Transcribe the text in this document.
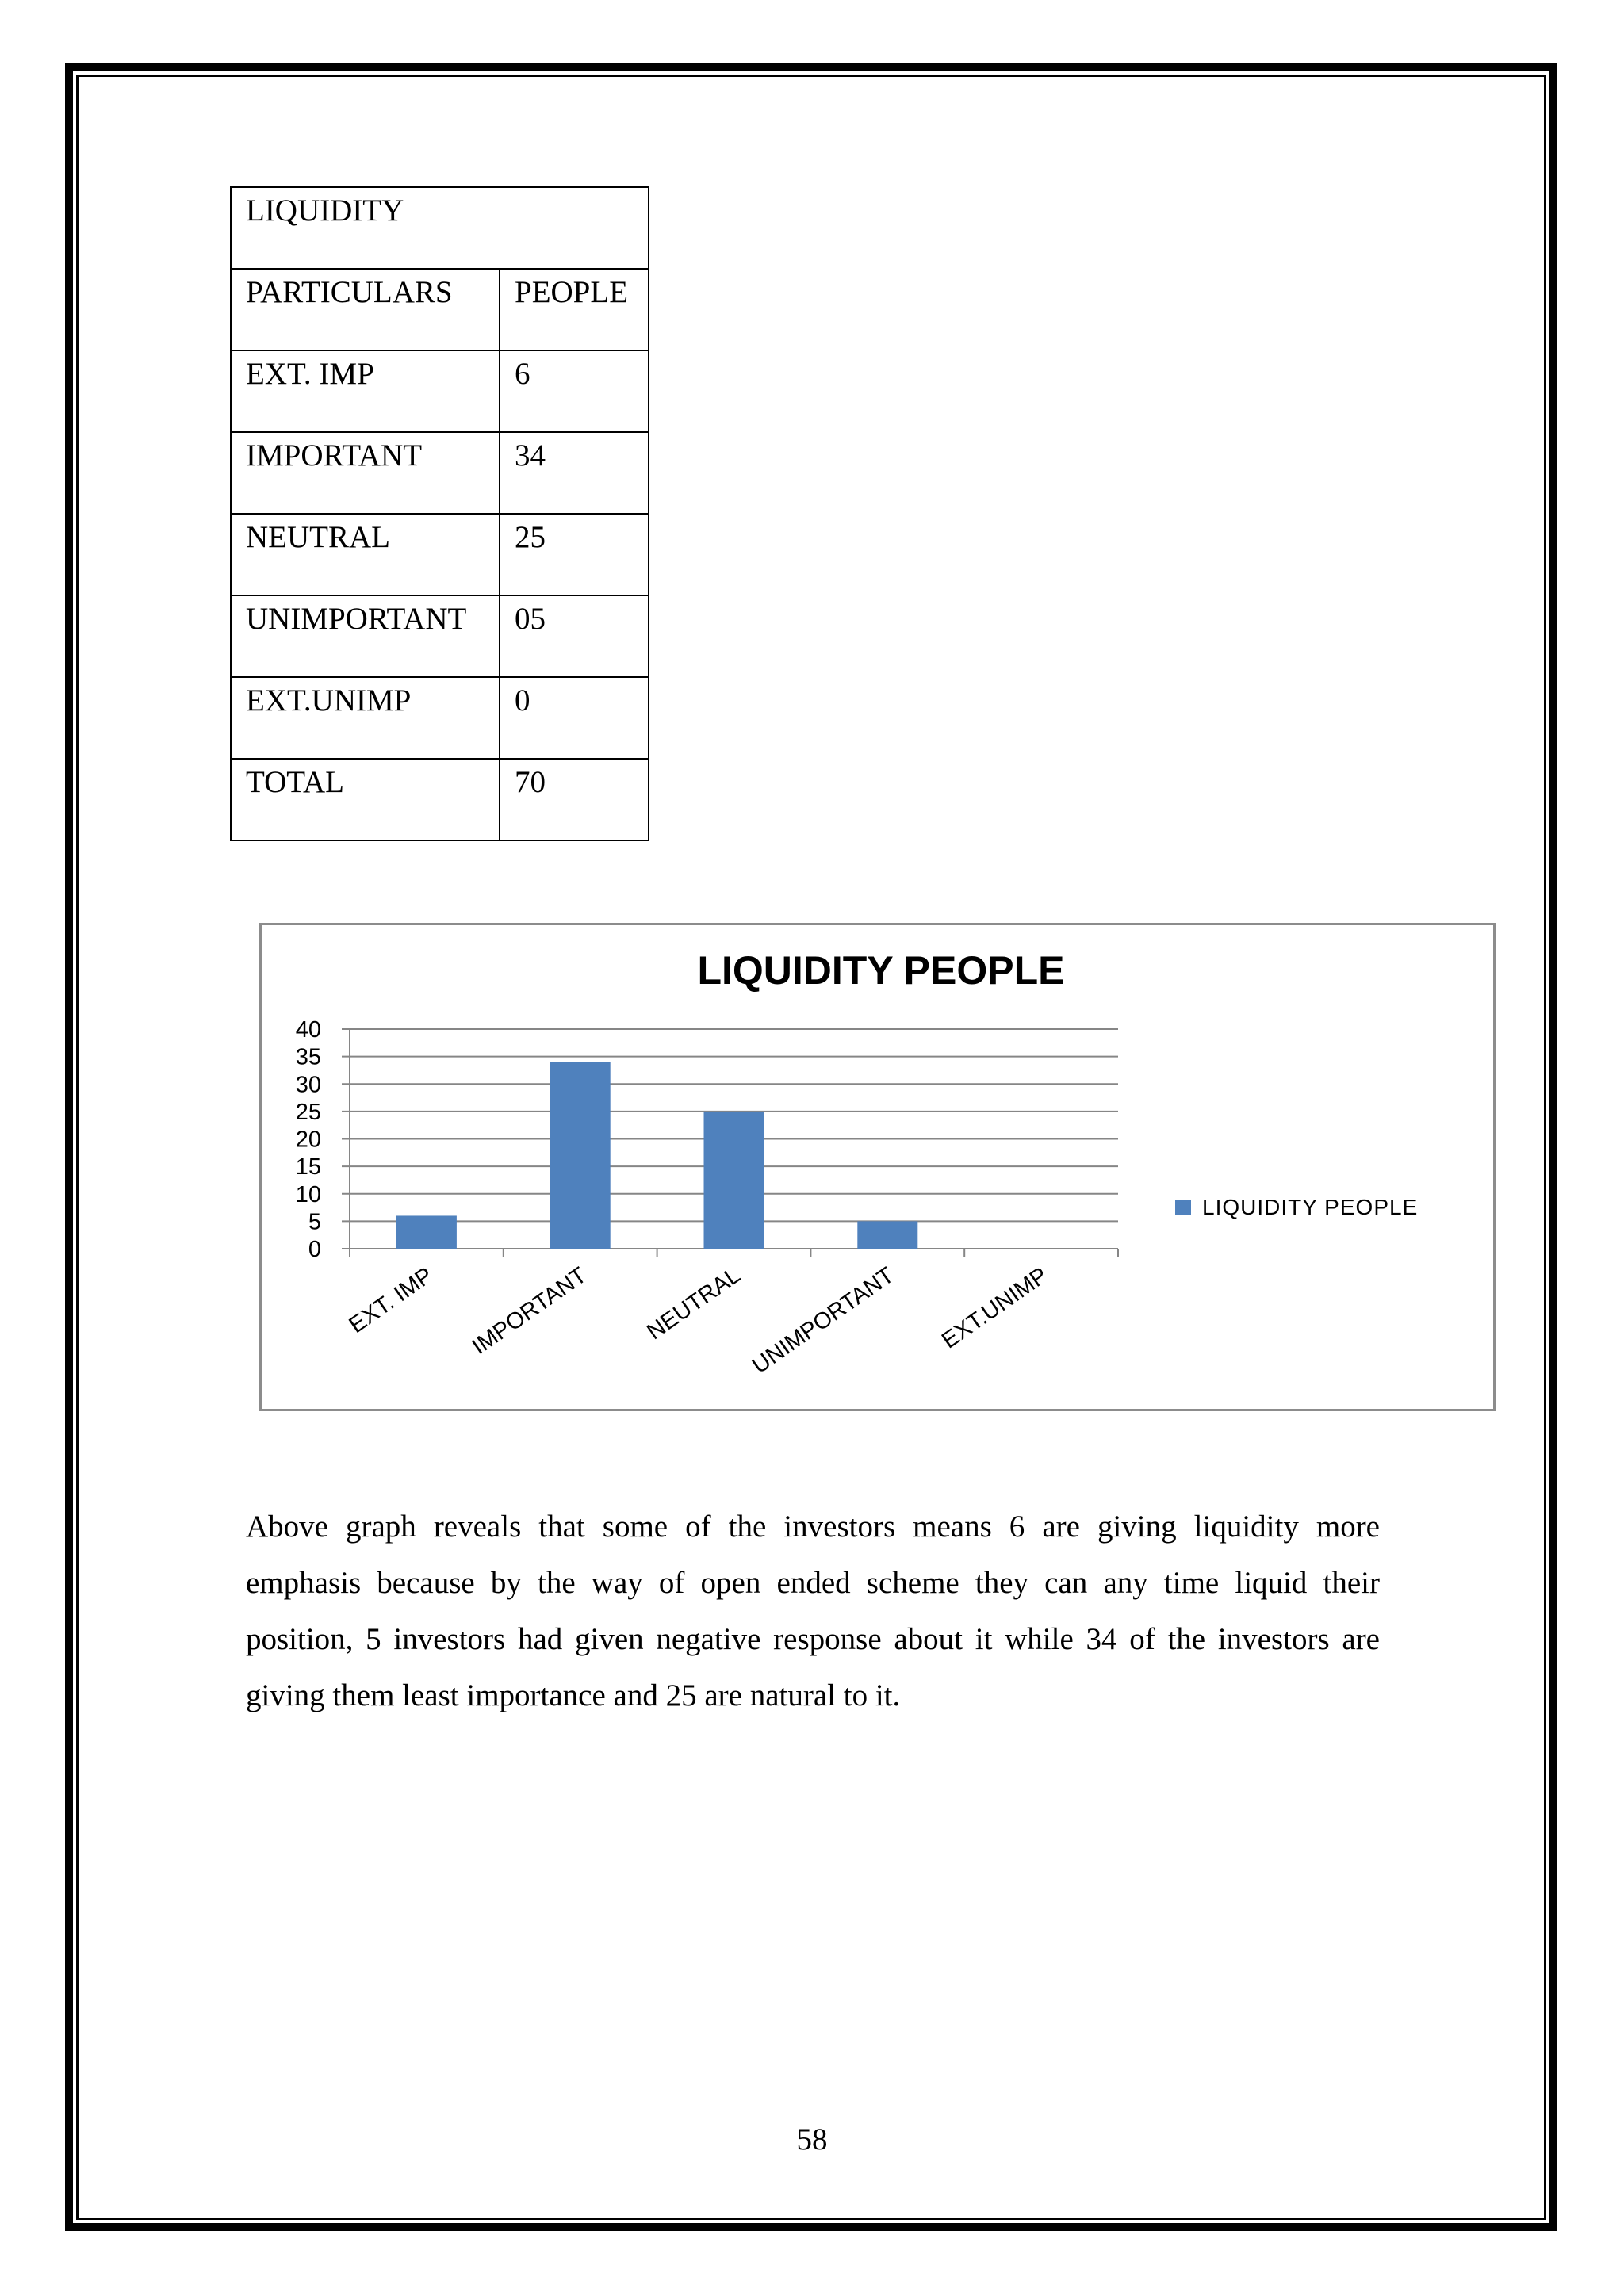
LIQUIDITY	
PARTICULARS	PEOPLE
EXT. IMP	6
IMPORTANT	34
NEUTRAL	25
UNIMPORTANT	05
EXT.UNIMP	0
TOTAL	70
LIQUIDITY PEOPLE
0
5
10
15
20
25
30
35
40
EXT. IMP IMPORTANT NEUTRAL UNIMPORTANT EXT.UNIMP
LIQUIDITY PEOPLE
Above graph reveals that some of the investors means 6 are giving liquidity more
emphasis because by the way of open ended scheme they can any time liquid their
position, 5 investors had given negative response about it while 34 of the investors are
giving them least importance and 25 are natural to it.
58
